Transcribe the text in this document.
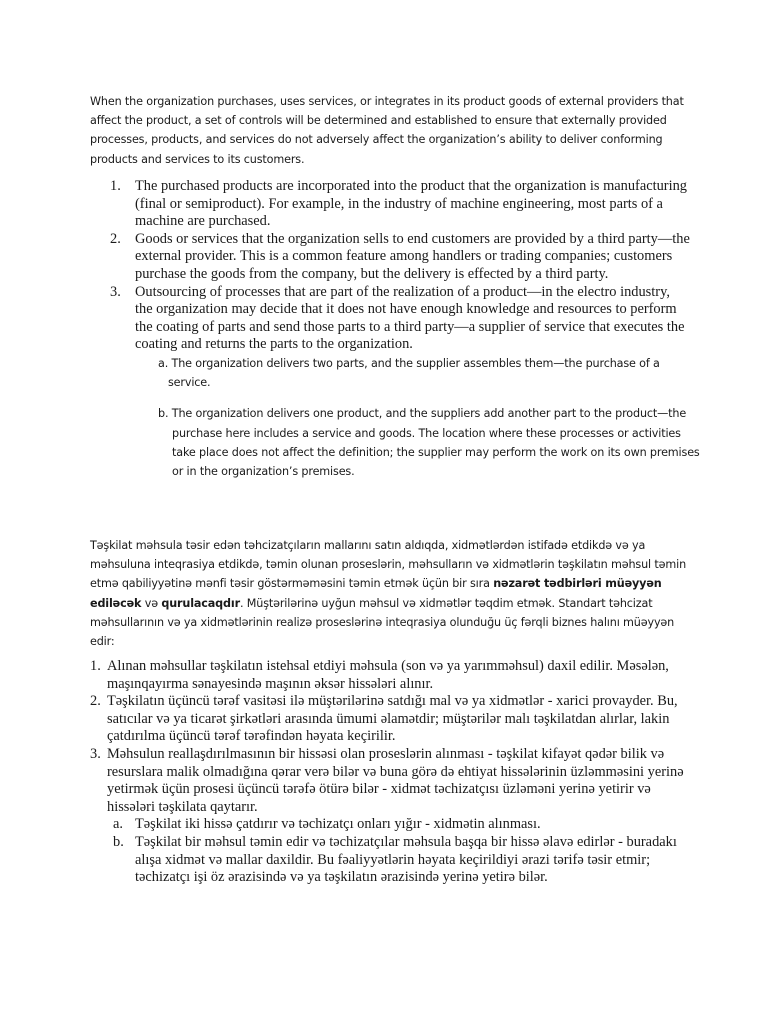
When the organization purchases, uses services, or integrates in its product goods of external providers that affect the product, a set of controls will be determined and established to ensure that externally provided processes, products, and services do not adversely affect the organization’s ability to deliver conforming products and services to its customers.

1. The purchased products are incorporated into the product that the organization is manufacturing (final or semiproduct). For example, in the industry of machine engineering, most parts of a machine are purchased.
2. Goods or services that the organization sells to end customers are provided by a third party—the external provider. This is a common feature among handlers or trading companies; customers purchase the goods from the company, but the delivery is effected by a third party.
3. Outsourcing of processes that are part of the realization of a product—in the electro industry, the organization may decide that it does not have enough knowledge and resources to perform the coating of parts and send those parts to a third party—a supplier of service that executes the coating and returns the parts to the organization.

a. The organization delivers two parts, and the supplier assembles them—the purchase of a service.

b. The organization delivers one product, and the suppliers add another part to the product—the purchase here includes a service and goods. The location where these processes or activities take place does not affect the definition; the supplier may perform the work on its own premises or in the organization’s premises.

Təşkilat məhsula təsir edən təhcizatçıların mallarını satın aldıqda, xidmətlərdən istifadə etdikdə və ya məhsuluna inteqrasiya etdikdə, təmin olunan proseslərin, məhsulların və xidmətlərin təşkilatın məhsul təmin etmə qabiliyyətinə mənfi təsir göstərməməsini təmin etmək üçün bir sıra nəzarət tədbirləri müəyyən ediləcək və qurulacaqdır. Müştərilərinə uyğun məhsul və xidmətlər təqdim etmək. Standart təhcizat məhsullarının və ya xidmətlərinin realizə proseslərinə inteqrasiya olunduğu üç fərqli biznes halını müəyyən edir:

1. Alınan məhsullar təşkilatın istehsal etdiyi məhsula (son və ya yarımməhsul) daxil edilir. Məsələn, maşınqayırma sənayesində maşının əksər hissələri alınır.
2. Təşkilatın üçüncü tərəf vasitəsi ilə müştərilərinə satdığı mal və ya xidmətlər - xarici provayder. Bu, satıcılar və ya ticarət şirkətləri arasında ümumi əlamətdir; müştərilər malı təşkilatdan alırlar, lakin çatdırılma üçüncü tərəf tərəfindən həyata keçirilir.
3. Məhsulun reallaşdırılmasının bir hissəsi olan proseslərin alınması - təşkilat kifayət qədər bilik və resurslara malik olmadığına qərar verə bilər və buna görə də ehtiyat hissələrinin üzləmməsini yerinə yetirmək üçün prosesi üçüncü tərəfə ötürə bilər - xidmət təchizatçısı üzləməni yerinə yetirir və hissələri təşkilata qaytarır.
a. Təşkilat iki hissə çatdırır və təchizatçı onları yığır - xidmətin alınması.
b. Təşkilat bir məhsul təmin edir və təchizatçılar məhsula başqa bir hissə əlavə edirlər - buradakı alışa xidmət və mallar daxildir. Bu fəaliyyətlərin həyata keçirildiyi ərazi tərifə təsir etmir; təchizatçı işi öz ərazisində və ya təşkilatın ərazisində yerinə yetirə bilər.
